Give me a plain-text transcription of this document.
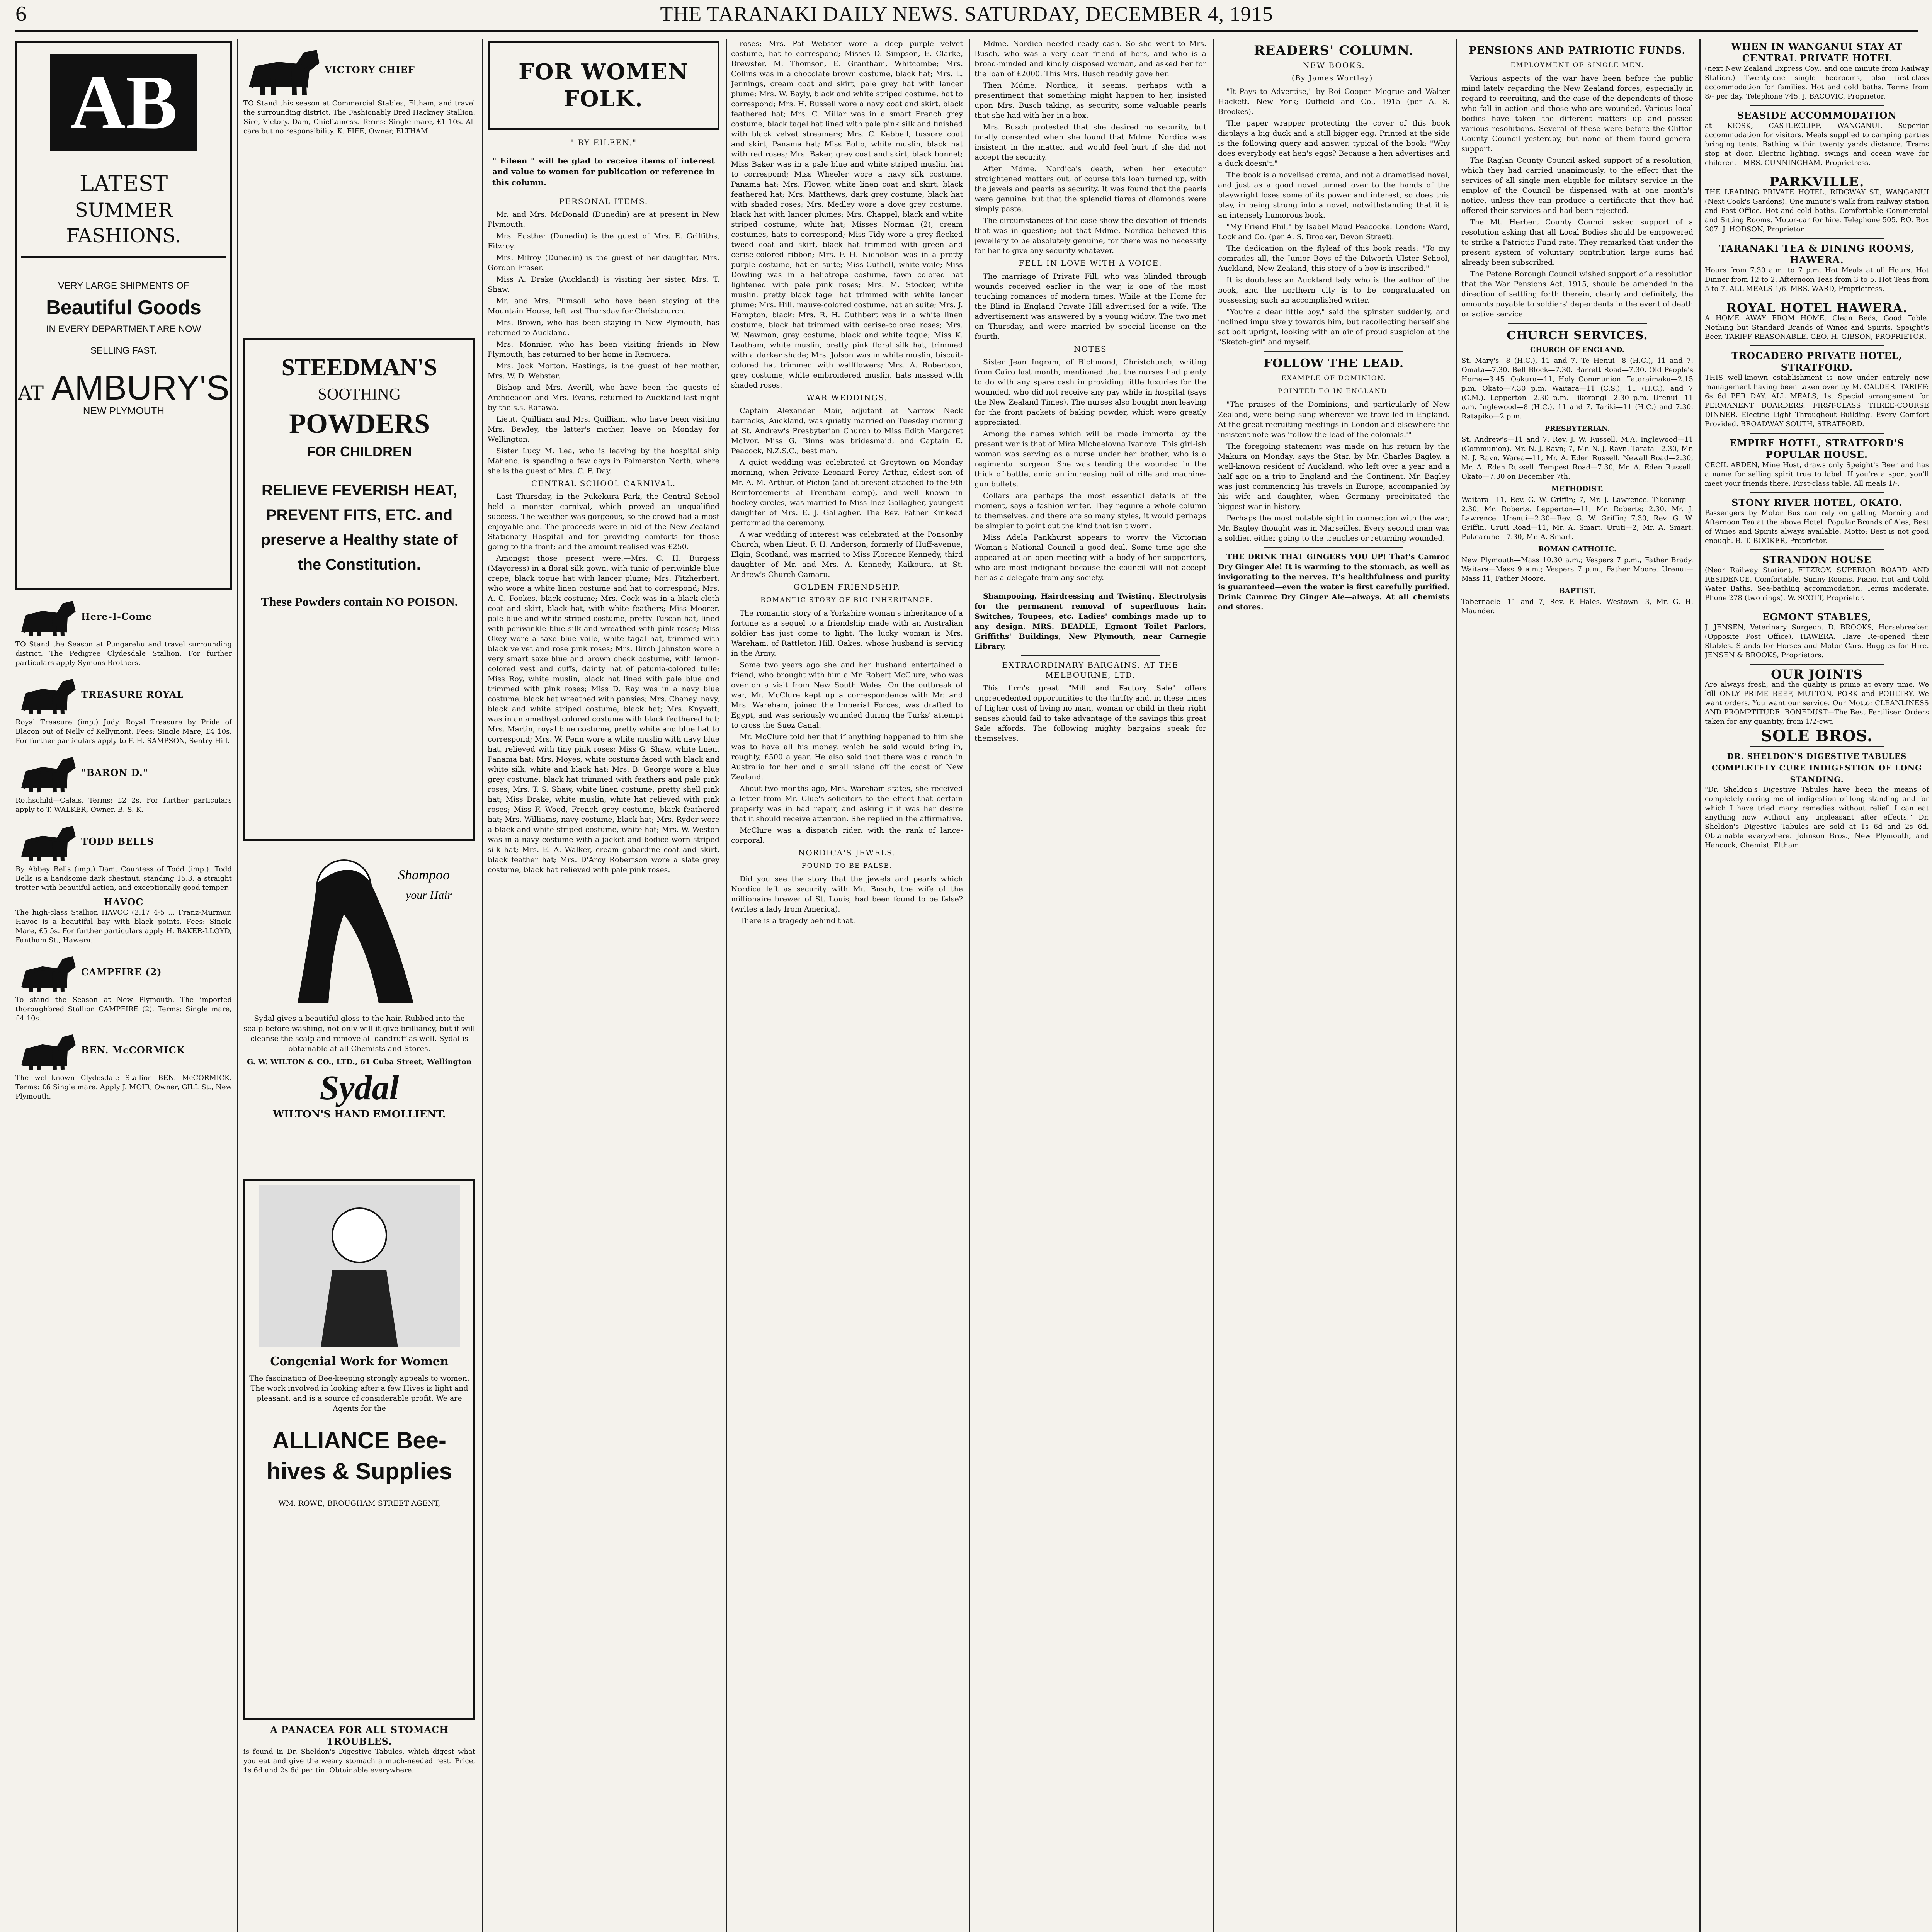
6	THE TARANAKI DAILY NEWS. SATURDAY, DECEMBER 4, 1915
AB
LATEST
SUMMER FASHIONS.
VERY LARGE SHIPMENTS OF
Beautiful Goods
IN EVERY DEPARTMENT ARE NOW
SELLING FAST.
AT AMBURY'S
NEW PLYMOUTH
Here-I-Come
TO Stand the Season at Pungarehu and travel surrounding district. The Pedigree Clydesdale Stallion. For further particulars apply Symons Brothers.
TREASURE ROYAL
Royal Treasure (imp.) Judy. Royal Treasure by Pride of Blacon out of Nelly of Kellymont. Fees: Single Mare, £4 10s. For further particulars apply to F. H. SAMPSON, Sentry Hill.
"BARON D."
Rothschild—Calais. Terms: £2 2s. For further particulars apply to T. WALKER, Owner. B. S. K.
TODD BELLS
By Abbey Bells (imp.) Dam, Countess of Todd (imp.). Todd Bells is a handsome dark chestnut, standing 15.3, a straight trotter with beautiful action, and exceptionally good temper.
HAVOC
The high-class Stallion HAVOC (2.17 4-5 ... Franz-Murmur. Havoc is a beautiful bay with black points. Fees: Single Mare, £5 5s. For further particulars apply H. BAKER-LLOYD, Fantham St., Hawera.
CAMPFIRE (2)
To stand the Season at New Plymouth. The imported thoroughbred Stallion CAMPFIRE (2). Terms: Single mare, £4 10s.
BEN. McCORMICK
The well-known Clydesdale Stallion BEN. McCORMICK. Terms: £6 Single mare. Apply J. MOIR, Owner, GILL St., New Plymouth.
VICTORY CHIEF
TO Stand this season at Commercial Stables, Eltham, and travel the surrounding district. The Fashionably Bred Hackney Stallion. Sire, Victory. Dam, Chieftainess. Terms: Single mare, £1 10s. All care but no responsibility. K. FIFE, Owner, ELTHAM.
STEEDMAN'S
SOOTHING
POWDERS
FOR CHILDREN
RELIEVE FEVERISH HEAT, PREVENT FITS, ETC. and preserve a Healthy state of the Constitution.
These Powders contain NO POISON.
Shampoo
your Hair
Sydal gives a beautiful gloss to the hair. Rubbed into the scalp before washing, not only will it give brilliancy, but it will cleanse the scalp and remove all dandruff as well. Sydal is obtainable at all Chemists and Stores.
G. W. WILTON & CO., LTD., 61 Cuba Street, Wellington
Sydal
WILTON'S HAND EMOLLIENT.
Congenial Work for Women
The fascination of Bee-keeping strongly appeals to women. The work involved in looking after a few Hives is light and pleasant, and is a source of considerable profit. We are Agents for the
ALLIANCE Bee-hives & Supplies
WM. ROWE, BROUGHAM STREET AGENT,
A PANACEA FOR ALL STOMACH TROUBLES.
is found in Dr. Sheldon's Digestive Tabules, which digest what you eat and give the weary stomach a much-needed rest. Price, 1s 6d and 2s 6d per tin. Obtainable everywhere.
FOR WOMEN FOLK.
" BY EILEEN."
" Eileen " will be glad to receive items of interest and value to women for publication or reference in this column.
PERSONAL ITEMS.

Mr. and Mrs. McDonald (Dunedin) are at present in New Plymouth.

Mrs. Easther (Dunedin) is the guest of Mrs. E. Griffiths, Fitzroy.

Mrs. Milroy (Dunedin) is the guest of her daughter, Mrs. Gordon Fraser.

Miss A. Drake (Auckland) is visiting her sister, Mrs. T. Shaw.

Mr. and Mrs. Plimsoll, who have been staying at the Mountain House, left last Thursday for Christchurch.

Mrs. Brown, who has been staying in New Plymouth, has returned to Auckland.

Mrs. Monnier, who has been visiting friends in New Plymouth, has returned to her home in Remuera.

Mrs. Jack Morton, Hastings, is the guest of her mother, Mrs. W. D. Webster.

Bishop and Mrs. Averill, who have been the guests of Archdeacon and Mrs. Evans, returned to Auckland last night by the s.s. Rarawa.

Lieut. Quilliam and Mrs. Quilliam, who have been visiting Mrs. Bewley, the latter's mother, leave on Monday for Wellington.

Sister Lucy M. Lea, who is leaving by the hospital ship Maheno, is spending a few days in Palmerston North, where she is the guest of Mrs. C. F. Day.

CENTRAL SCHOOL CARNIVAL.

Last Thursday, in the Pukekura Park, the Central School held a monster carnival, which proved an unqualified success. The weather was gorgeous, so the crowd had a most enjoyable one. The proceeds were in aid of the New Zealand Stationary Hospital and for providing comforts for those going to the front; and the amount realised was £250.

Amongst those present were:—Mrs. C. H. Burgess (Mayoress) in a floral silk gown, with tunic of periwinkle blue crepe, black toque hat with lancer plume; Mrs. Fitzherbert, who wore a white linen costume and hat to correspond; Mrs. A. C. Fookes, black costume; Mrs. Cock was in a black cloth coat and skirt, black hat, with white feathers; Miss Moorer, pale blue and white striped costume, pretty Tuscan hat, lined with periwinkle blue silk and wreathed with pink roses; Miss Okey wore a saxe blue voile, white tagal hat, trimmed with black velvet and rose pink roses; Mrs. Birch Johnston wore a very smart saxe blue and brown check costume, with lemon-colored vest and cuffs, dainty hat of petunia-colored tulle; Miss Roy, white muslin, black hat lined with pale blue and trimmed with pink roses; Miss D. Ray was in a navy blue costume, black hat wreathed with pansies; Mrs. Chaney, navy, black and white striped costume, black hat; Mrs. Knyvett, was in an amethyst colored costume with black feathered hat; Mrs. Martin, royal blue costume, pretty white and blue hat to correspond; Mrs. W. Penn wore a white muslin with navy blue hat, relieved with tiny pink roses; Miss G. Shaw, white linen, Panama hat; Mrs. Moyes, white costume faced with black and white silk, white and black hat; Mrs. B. George wore a blue grey costume, black hat trimmed with feathers and pale pink roses; Mrs. T. S. Shaw, white linen costume, pretty shell pink hat; Miss Drake, white muslin, white hat relieved with pink roses; Miss F. Wood, French grey costume, black feathered hat; Mrs. Williams, navy costume, black hat; Mrs. Ryder wore a black and white striped costume, white hat; Mrs. W. Weston was in a navy costume with a jacket and bodice worn striped silk hat; Mrs. E. A. Walker, cream gabardine coat and skirt, black feather hat; Mrs. D'Arcy Robertson wore a slate grey costume, black hat relieved with pale pink roses.

roses; Mrs. Pat Webster wore a deep purple velvet costume, hat to correspond; Misses D. Simpson, E. Clarke, Brewster, M. Thomson, E. Grantham, Whitcombe; Mrs. Collins was in a chocolate brown costume, black hat; Mrs. L. Jennings, cream coat and skirt, pale grey hat with lancer plume; Mrs. W. Bayly, black and white striped costume, hat to correspond; Mrs. H. Russell wore a navy coat and skirt, black feathered hat; Mrs. C. Millar was in a smart French grey costume, black tagel hat lined with pale pink silk and finished with black velvet streamers; Mrs. C. Kebbell, tussore coat and skirt, Panama hat; Miss Bollo, white muslin, black hat with red roses; Mrs. Baker, grey coat and skirt, black bonnet; Miss Baker was in a pale blue and white striped muslin, hat to correspond; Miss Wheeler wore a navy silk costume, Panama hat; Mrs. Flower, white linen coat and skirt, black feathered hat; Mrs. Matthews, dark grey costume, black hat with shaded roses; Mrs. Medley wore a dove grey costume, black hat with lancer plumes; Mrs. Chappel, black and white striped costume, white hat; Misses Norman (2), cream costumes, hats to correspond; Miss Tidy wore a grey flecked tweed coat and skirt, black hat trimmed with green and cerise-colored ribbon; Mrs. F. H. Nicholson was in a pretty purple costume, hat en suite; Miss Cuthell, white voile; Miss Dowling was in a heliotrope costume, fawn colored hat lightened with pale pink roses; Mrs. M. Stocker, white muslin, pretty black tagel hat trimmed with white lancer plume; Mrs. Hill, mauve-colored costume, hat en suite; Mrs. J. Hampton, black; Mrs. R. H. Cuthbert was in a white linen costume, black hat trimmed with cerise-colored roses; Mrs. W. Newman, grey costume, black and white toque; Miss K. Leatham, white muslin, pretty pink floral silk hat, trimmed with a darker shade; Mrs. Jolson was in white muslin, biscuit-colored hat trimmed with wallflowers; Mrs. A. Robertson, grey costume, white embroidered muslin, hats massed with shaded roses.

WAR WEDDINGS.

Captain Alexander Mair, adjutant at Narrow Neck barracks, Auckland, was quietly married on Tuesday morning at St. Andrew's Presbyterian Church to Miss Edith Margaret McIvor. Miss G. Binns was bridesmaid, and Captain E. Peacock, N.Z.S.C., best man.

A quiet wedding was celebrated at Greytown on Monday morning, when Private Leonard Percy Arthur, eldest son of Mr. A. M. Arthur, of Picton (and at present attached to the 9th Reinforcements at Trentham camp), and well known in hockey circles, was married to Miss Inez Gallagher, youngest daughter of Mrs. E. J. Gallagher. The Rev. Father Kinkead performed the ceremony.

A war wedding of interest was celebrated at the Ponsonby Church, when Lieut. F. H. Anderson, formerly of Huff-avenue, Elgin, Scotland, was married to Miss Florence Kennedy, third daughter of Mr. and Mrs. A. Kennedy, Kaikoura, at St. Andrew's Church Oamaru.

GOLDEN FRIENDSHIP.
ROMANTIC STORY OF BIG INHERITANCE.

The romantic story of a Yorkshire woman's inheritance of a fortune as a sequel to a friendship made with an Australian soldier has just come to light. The lucky woman is Mrs. Wareham, of Rattleton Hill, Oakes, whose husband is serving in the Army.

Some two years ago she and her husband entertained a friend, who brought with him a Mr. Robert McClure, who was over on a visit from New South Wales. On the outbreak of war, Mr. McClure kept up a correspondence with Mr. and Mrs. Wareham, joined the Imperial Forces, was drafted to Egypt, and was seriously wounded during the Turks' attempt to cross the Suez Canal.

Mr. McClure told her that if anything happened to him she was to have all his money, which he said would bring in, roughly, £500 a year. He also said that there was a ranch in Australia for her and a small island off the coast of New Zealand.

About two months ago, Mrs. Wareham states, she received a letter from Mr. Clue's solicitors to the effect that certain property was in bad repair, and asking if it was her desire that it should receive attention. She replied in the affirmative.

McClure was a dispatch rider, with the rank of lance-corporal.

NORDICA'S JEWELS.
FOUND TO BE FALSE.

Did you see the story that the jewels and pearls which Nordica left as security with Mr. Busch, the wife of the millionaire brewer of St. Louis, had been found to be false? (writes a lady from America).

There is a tragedy behind that.

Mdme. Nordica needed ready cash. So she went to Mrs. Busch, who was a very dear friend of hers, and who is a broad-minded and kindly disposed woman, and asked her for the loan of £2000. This Mrs. Busch readily gave her.

Then Mdme. Nordica, it seems, perhaps with a presentiment that something might happen to her, insisted upon Mrs. Busch taking, as security, some valuable pearls that she had with her in a box.

Mrs. Busch protested that she desired no security, but finally consented when she found that Mdme. Nordica was insistent in the matter, and would feel hurt if she did not accept the security.

After Mdme. Nordica's death, when her executor straightened matters out, of course this loan turned up, with the jewels and pearls as security. It was found that the pearls were genuine, but that the splendid tiaras of diamonds were simply paste.

The circumstances of the case show the devotion of friends that was in question; but that Mdme. Nordica believed this jewellery to be absolutely genuine, for there was no necessity for her to give any security whatever.

FELL IN LOVE WITH A VOICE.

The marriage of Private Fill, who was blinded through wounds received earlier in the war, is one of the most touching romances of modern times. While at the Home for the Blind in England Private Hill advertised for a wife. The advertisement was answered by a young widow. The two met on Thursday, and were married by special license on the fourth.

NOTES

Sister Jean Ingram, of Richmond, Christchurch, writing from Cairo last month, mentioned that the nurses had plenty to do with any spare cash in providing little luxuries for the wounded, who did not receive any pay while in hospital (says the New Zealand Times). The nurses also bought men leaving for the front packets of baking powder, which were greatly appreciated.

Among the names which will be made immortal by the present war is that of Mira Michaelovna Ivanova. This girl-ish woman was serving as a nurse under her brother, who is a regimental surgeon. She was tending the wounded in the thick of battle, amid an increasing hail of rifle and machine-gun bullets.

Collars are perhaps the most essential details of the moment, says a fashion writer. They require a whole column to themselves, and there are so many styles, it would perhaps be simpler to point out the kind that isn't worn.

Miss Adela Pankhurst appears to worry the Victorian Woman's National Council a good deal. Some time ago she appeared at an open meeting with a body of her supporters, who are most indignant because the council will not accept her as a delegate from any society.

Shampooing, Hairdressing and Twisting. Electrolysis for the permanent removal of superfluous hair. Switches, Toupees, etc. Ladies' combings made up to any design. MRS. BEADLE, Egmont Toilet Parlors, Griffiths' Buildings, New Plymouth, near Carnegie Library.

EXTRAORDINARY BARGAINS, AT THE MELBOURNE, LTD.

This firm's great "Mill and Factory Sale" offers unprecedented opportunities to the thrifty and, in these times of higher cost of living no man, woman or child in their right senses should fail to take advantage of the savings this great Sale affords. The following mighty bargains speak for themselves.

READERS' COLUMN.
NEW BOOKS.
(By James Wortley).

"It Pays to Advertise," by Roi Cooper Megrue and Walter Hackett. New York; Duffield and Co., 1915 (per A. S. Brookes).

The paper wrapper protecting the cover of this book displays a big duck and a still bigger egg. Printed at the side is the following query and answer, typical of the book: "Why does everybody eat hen's eggs? Because a hen advertises and a duck doesn't."

The book is a novelised drama, and not a dramatised novel, and just as a good novel turned over to the hands of the playwright loses some of its power and interest, so does this play, in being strung into a novel, notwithstanding that it is an intensely humorous book.

"My Friend Phil," by Isabel Maud Peacocke. London: Ward, Lock and Co. (per A. S. Brooker, Devon Street).

The dedication on the flyleaf of this book reads: "To my comrades all, the Junior Boys of the Dilworth Ulster School, Auckland, New Zealand, this story of a boy is inscribed."

It is doubtless an Auckland lady who is the author of the book, and the northern city is to be congratulated on possessing such an accomplished writer.

"You're a dear little boy," said the spinster suddenly, and inclined impulsively towards him, but recollecting herself she sat bolt upright, looking with an air of proud suspicion at the "Sketch-girl" and myself.

FOLLOW THE LEAD.
EXAMPLE OF DOMINION.
POINTED TO IN ENGLAND.

"The praises of the Dominions, and particularly of New Zealand, were being sung wherever we travelled in England. At the great recruiting meetings in London and elsewhere the insistent note was 'follow the lead of the colonials.'"

The foregoing statement was made on his return by the Makura on Monday, says the Star, by Mr. Charles Bagley, a well-known resident of Auckland, who left over a year and a half ago on a trip to England and the Continent. Mr. Bagley was just commencing his travels in Europe, accompanied by his wife and daughter, when Germany precipitated the biggest war in history.

Perhaps the most notable sight in connection with the war, Mr. Bagley thought was in Marseilles. Every second man was a soldier, either going to the trenches or returning wounded.

THE DRINK THAT GINGERS YOU UP! That's Camroc Dry Ginger Ale! It is warming to the stomach, as well as invigorating to the nerves. It's healthfulness and purity is guaranteed—even the water is first carefully purified. Drink Camroc Dry Ginger Ale—always. At all chemists and stores.

PENSIONS AND PATRIOTIC FUNDS.
EMPLOYMENT OF SINGLE MEN.

Various aspects of the war have been before the public mind lately regarding the New Zealand forces, especially in regard to recruiting, and the case of the dependents of those who fall in action and those who are wounded. Various local bodies have taken the different matters up and passed various resolutions. Several of these were before the Clifton County Council yesterday, but none of them found general support.

The Raglan County Council asked support of a resolution, which they had carried unanimously, to the effect that the services of all single men eligible for military service in the employ of the Council be dispensed with at one month's notice, unless they can produce a certificate that they had offered their services and had been rejected.

The Mt. Herbert County Council asked support of a resolution asking that all Local Bodies should be empowered to strike a Patriotic Fund rate. They remarked that under the present system of voluntary contribution large sums had already been subscribed.

The Petone Borough Council wished support of a resolution that the War Pensions Act, 1915, should be amended in the direction of settling forth therein, clearly and definitely, the amounts payable to soldiers' dependents in the event of death or active service.

CHURCH SERVICES.
CHURCH OF ENGLAND.
St. Mary's—8 (H.C.), 11 and 7. Te Henui—8 (H.C.), 11 and 7. Omata—7.30. Bell Block—7.30. Barrett Road—7.30. Old People's Home—3.45. Oakura—11, Holy Communion. Tataraimaka—2.15 p.m. Okato—7.30 p.m. Waitara—11 (C.S.), 11 (H.C.), and 7 (C.M.). Lepperton—2.30 p.m. Tikorangi—2.30 p.m. Urenui—11 a.m. Inglewood—8 (H.C.), 11 and 7. Tariki—11 (H.C.) and 7.30. Ratapiko—2 p.m.
PRESBYTERIAN.
St. Andrew's—11 and 7, Rev. J. W. Russell, M.A. Inglewood—11 (Communion), Mr. N. J. Ravn; 7, Mr. N. J. Ravn. Tarata—2.30, Mr. N. J. Ravn. Warea—11, Mr. A. Eden Russell. Newall Road—2.30, Mr. A. Eden Russell. Tempest Road—7.30, Mr. A. Eden Russell. Okato—7.30 on December 7th.
METHODIST.
Waitara—11, Rev. G. W. Griffin; 7, Mr. J. Lawrence. Tikorangi—2.30, Mr. Roberts. Lepperton—11, Mr. Roberts; 2.30, Mr. J. Lawrence. Urenui—2.30—Rev. G. W. Griffin; 7.30, Rev. G. W. Griffin. Uruti Road—11, Mr. A. Smart. Uruti—2, Mr. A. Smart. Pukearuhe—7.30, Mr. A. Smart.
ROMAN CATHOLIC.
New Plymouth—Mass 10.30 a.m.; Vespers 7 p.m., Father Brady. Waitara—Mass 9 a.m.; Vespers 7 p.m., Father Moore. Urenui—Mass 11, Father Moore.
BAPTIST.
Tabernacle—11 and 7, Rev. F. Hales. Westown—3, Mr. G. H. Maunder.
WHEN IN WANGANUI STAY AT CENTRAL PRIVATE HOTEL
(next New Zealand Express Coy., and one minute from Railway Station.) Twenty-one single bedrooms, also first-class accommodation for families. Hot and cold baths. Terms from 8/- per day. Telephone 745. J. BACOVIC, Proprietor.
SEASIDE ACCOMMODATION
at KIOSK, CASTLECLIFF, WANGANUI. Superior accommodation for visitors. Meals supplied to camping parties bringing tents. Bathing within twenty yards distance. Trams stop at door. Electric lighting, swings and ocean wave for children.—MRS. CUNNINGHAM, Proprietress.
PARKVILLE.
THE LEADING PRIVATE HOTEL, RIDGWAY ST., WANGANUI (Next Cook's Gardens). One minute's walk from railway station and Post Office. Hot and cold baths. Comfortable Commercial and Sitting Rooms. Motor-car for hire. Telephone 505. P.O. Box 207. J. HODSON, Proprietor.
TARANAKI TEA & DINING ROOMS, HAWERA.
Hours from 7.30 a.m. to 7 p.m. Hot Meals at all Hours. Hot Dinner from 12 to 2. Afternoon Teas from 3 to 5. Hot Teas from 5 to 7. ALL MEALS 1/6. MRS. WARD, Proprietress.
ROYAL HOTEL HAWERA.
A HOME AWAY FROM HOME. Clean Beds, Good Table. Nothing but Standard Brands of Wines and Spirits. Speight's Beer. TARIFF REASONABLE. GEO. H. GIBSON, PROPRIETOR.
TROCADERO PRIVATE HOTEL, STRATFORD.
THIS well-known establishment is now under entirely new management having been taken over by M. CALDER. TARIFF: 6s 6d PER DAY. ALL MEALS, 1s. Special arrangement for PERMANENT BOARDERS. FIRST-CLASS THREE-COURSE DINNER. Electric Light Throughout Building. Every Comfort Provided. BROADWAY SOUTH, STRATFORD.
EMPIRE HOTEL, STRATFORD'S POPULAR HOUSE.
CECIL ARDEN, Mine Host, draws only Speight's Beer and has a name for selling spirit true to label. If you're a sport you'll meet your friends there. First-class table. All meals 1/-.
STONY RIVER HOTEL, OKATO.
Passengers by Motor Bus can rely on getting Morning and Afternoon Tea at the above Hotel. Popular Brands of Ales, Best of Wines and Spirits always available. Motto: Best is not good enough. B. T. BOOKER, Proprietor.
STRANDON HOUSE
(Near Railway Station), FITZROY. SUPERIOR BOARD AND RESIDENCE. Comfortable, Sunny Rooms. Piano. Hot and Cold Water Baths. Sea-bathing accommodation. Terms moderate. Phone 278 (two rings). W. SCOTT, Proprietor.
EGMONT STABLES,
J. JENSEN, Veterinary Surgeon. D. BROOKS, Horsebreaker. (Opposite Post Office), HAWERA. Have Re-opened their Stables. Stands for Horses and Motor Cars. Buggies for Hire. JENSEN & BROOKS, Proprietors.
OUR JOINTS
Are always fresh, and the quality is prime at every time. We kill ONLY PRIME BEEF, MUTTON, PORK and POULTRY. We want orders. You want our service. Our Motto: CLEANLINESS AND PROMPTITUDE. BONEDUST—The Best Fertiliser. Orders taken for any quantity, from 1/2-cwt.
SOLE BROS.
DR. SHELDON'S DIGESTIVE TABULES COMPLETELY CURE INDIGESTION OF LONG STANDING.
"Dr. Sheldon's Digestive Tabules have been the means of completely curing me of indigestion of long standing and for which I have tried many remedies without relief. I can eat anything now without any unpleasant after effects." Dr. Sheldon's Digestive Tabules are sold at 1s 6d and 2s 6d. Obtainable everywhere. Johnson Bros., New Plymouth, and Hancock, Chemist, Eltham.
